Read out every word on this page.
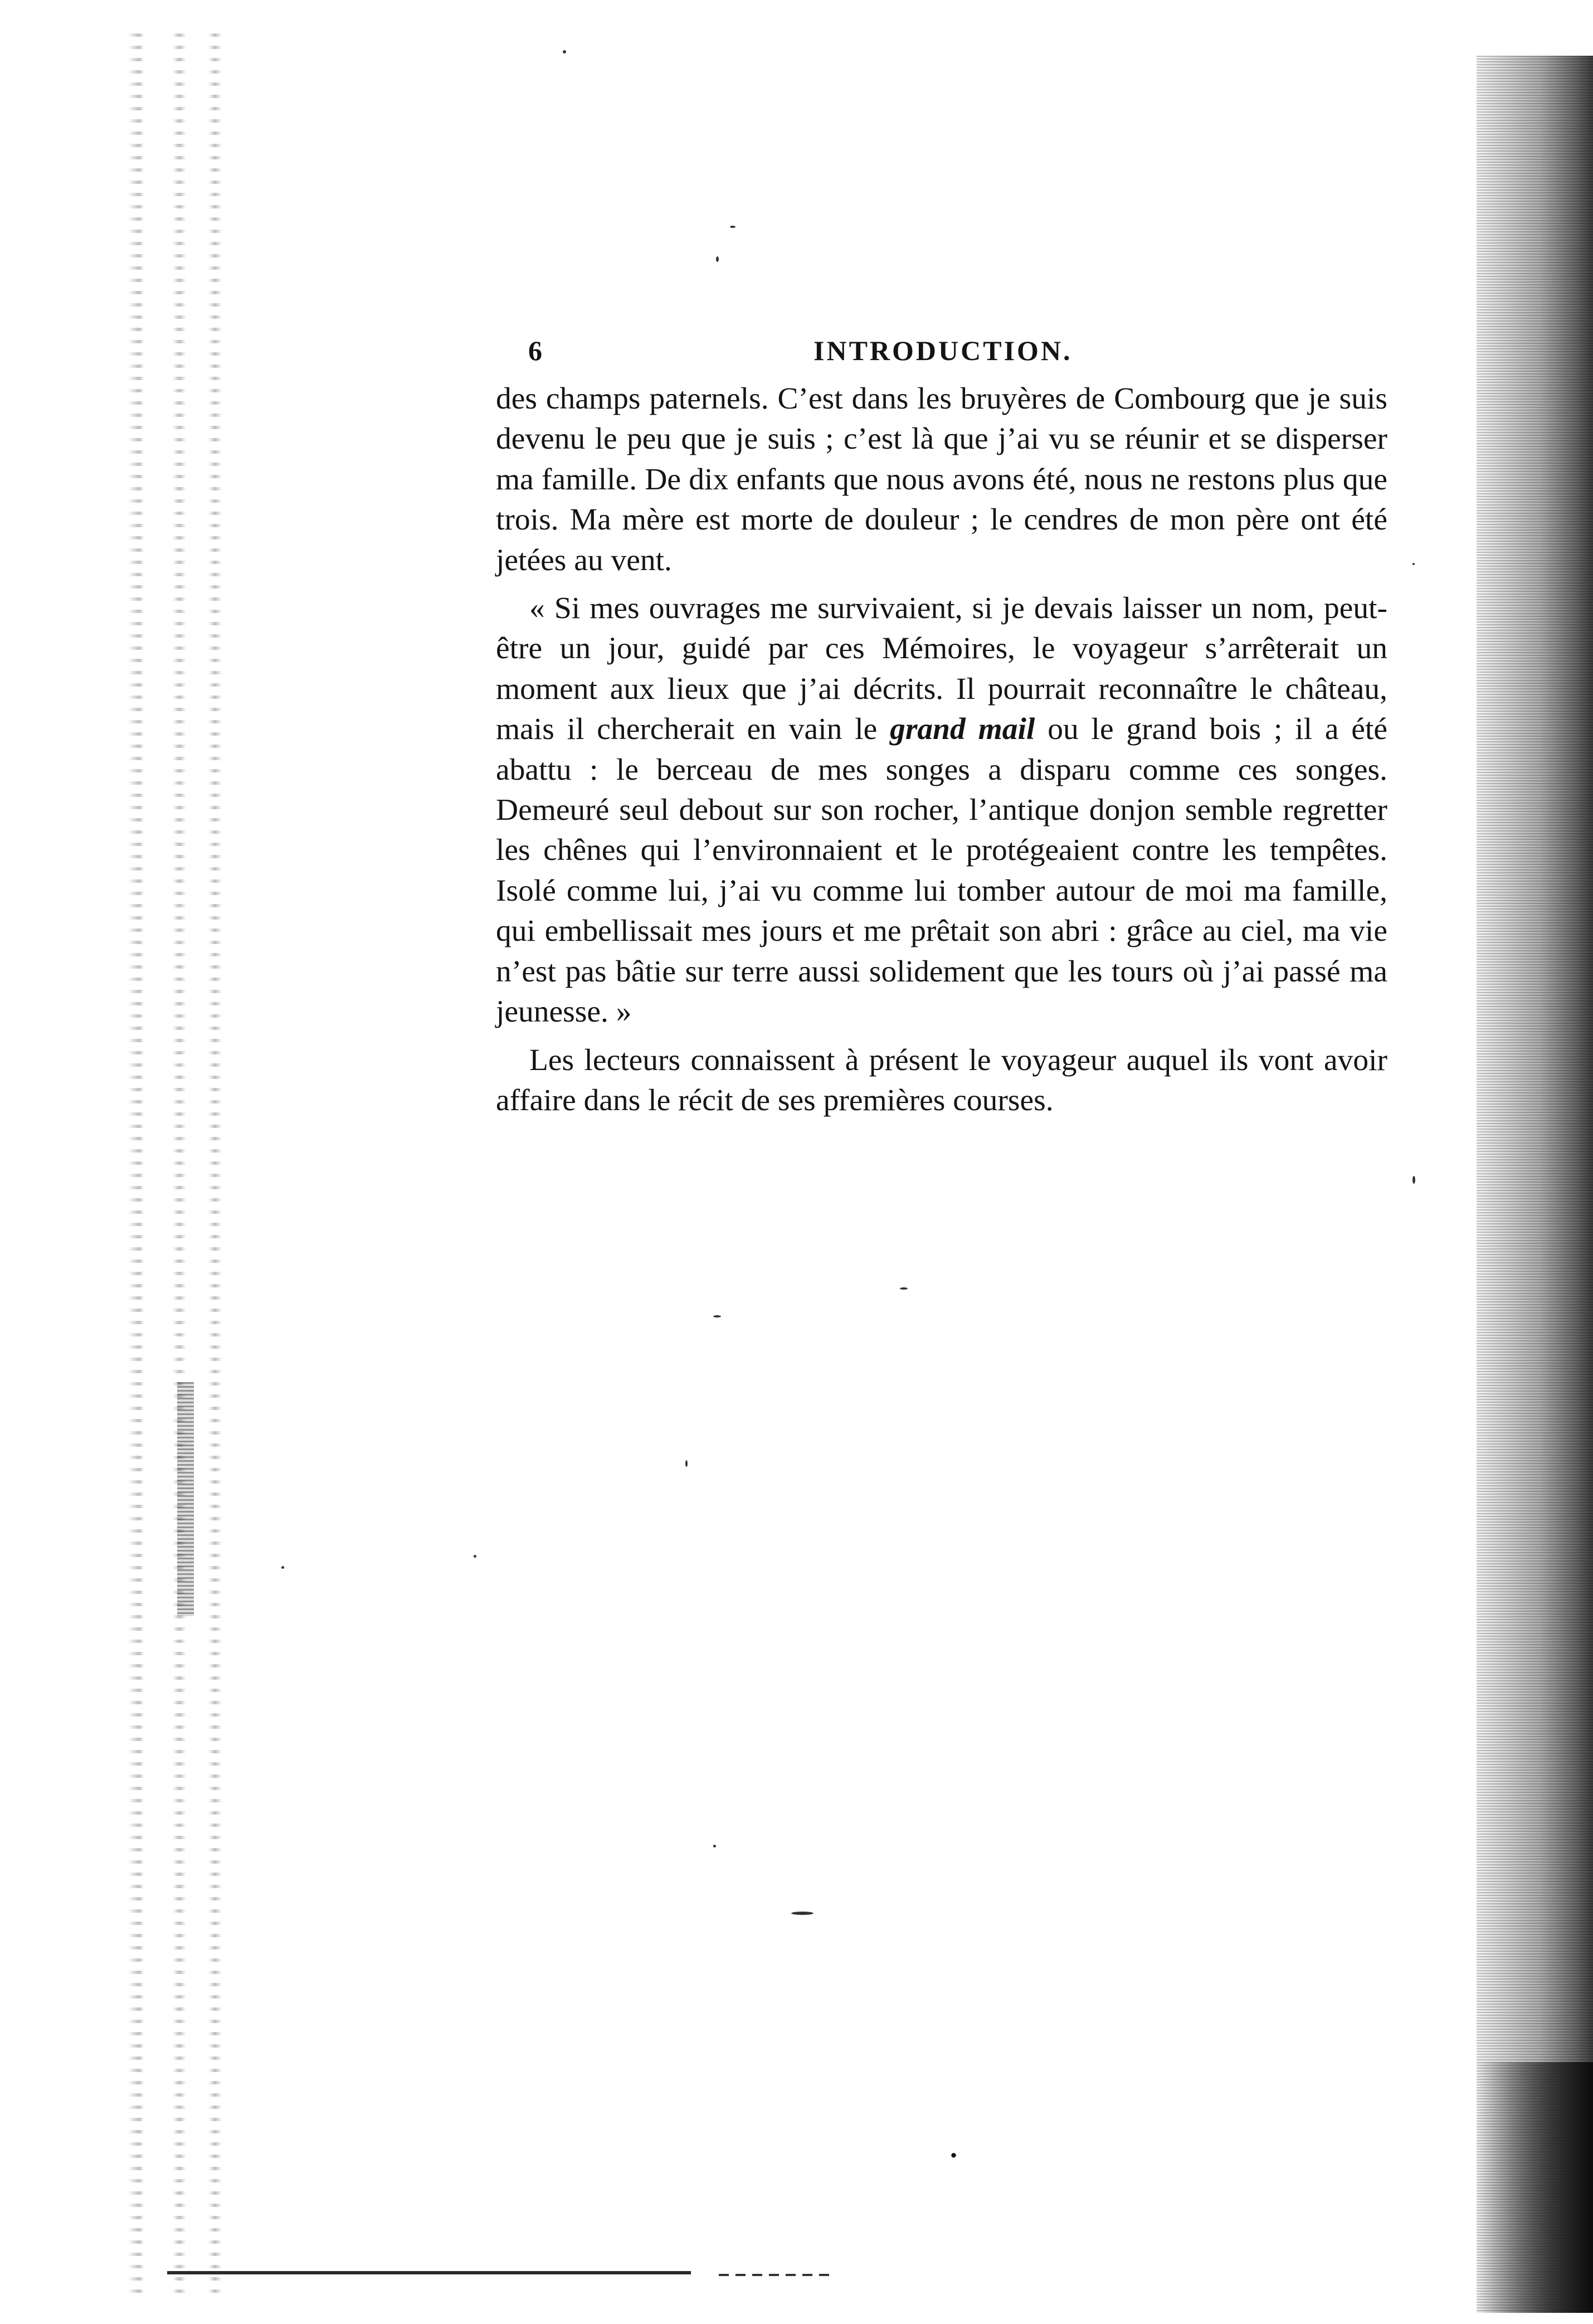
6	INTRODUCTION.

des champs paternels. C’est dans les bruyères de Combourg que je suis devenu le peu que je suis ; c’est là que j’ai vu se réunir et se disperser ma famille. De dix enfants que nous avons été, nous ne restons plus que trois. Ma mère est morte de douleur ; le cendres de mon père ont été jetées au vent.

« Si mes ouvrages me survivaient, si je devais laisser un nom, peut-être un jour, guidé par ces Mémoires, le voyageur s’arrêterait un moment aux lieux que j’ai décrits. Il pourrait reconnaître le château, mais il chercherait en vain le grand mail ou le grand bois ; il a été abattu : le berceau de mes songes a disparu comme ces songes. Demeuré seul debout sur son rocher, l’antique donjon semble regretter les chênes qui l’environnaient et le protégeaient contre les tempêtes. Isolé comme lui, j’ai vu comme lui tomber autour de moi ma famille, qui embellissait mes jours et me prêtait son abri : grâce au ciel, ma vie n’est pas bâtie sur terre aussi solidement que les tours où j’ai passé ma jeunesse. »

Les lecteurs connaissent à présent le voyageur auquel ils vont avoir affaire dans le récit de ses premières courses.

.
